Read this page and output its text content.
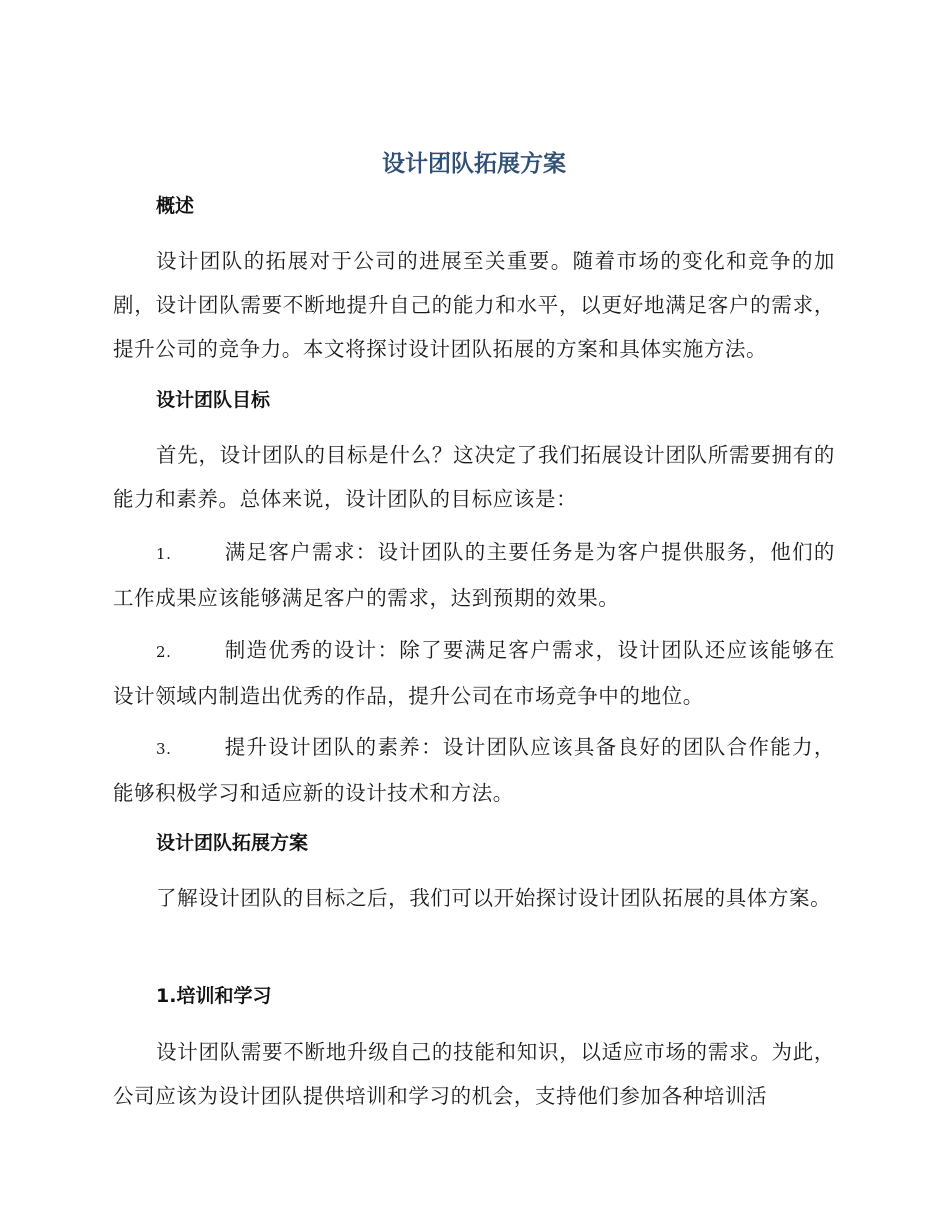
设计团队拓展方案
概述

设计团队的拓展对于公司的进展至关重要。随着市场的变化和竞争的加剧，设计团队需要不断地提升自己的能力和水平，以更好地满足客户的需求，提升公司的竞争力。本文将探讨设计团队拓展的方案和具体实施方法。

设计团队目标

首先，设计团队的目标是什么？这决定了我们拓展设计团队所需要拥有的能力和素养。总体来说，设计团队的目标应该是：

1.	满足客户需求：设计团队的主要任务是为客户提供服务，他们的工作成果应该能够满足客户的需求，达到预期的效果。

2.	制造优秀的设计：除了要满足客户需求，设计团队还应该能够在设计领域内制造出优秀的作品，提升公司在市场竞争中的地位。

3.	提升设计团队的素养：设计团队应该具备良好的团队合作能力，能够积极学习和适应新的设计技术和方法。

设计团队拓展方案

了解设计团队的目标之后，我们可以开始探讨设计团队拓展的具体方案。

1.培训和学习

设计团队需要不断地升级自己的技能和知识，以适应市场的需求。为此，公司应该为设计团队提供培训和学习的机会，支持他们参加各种培训活
